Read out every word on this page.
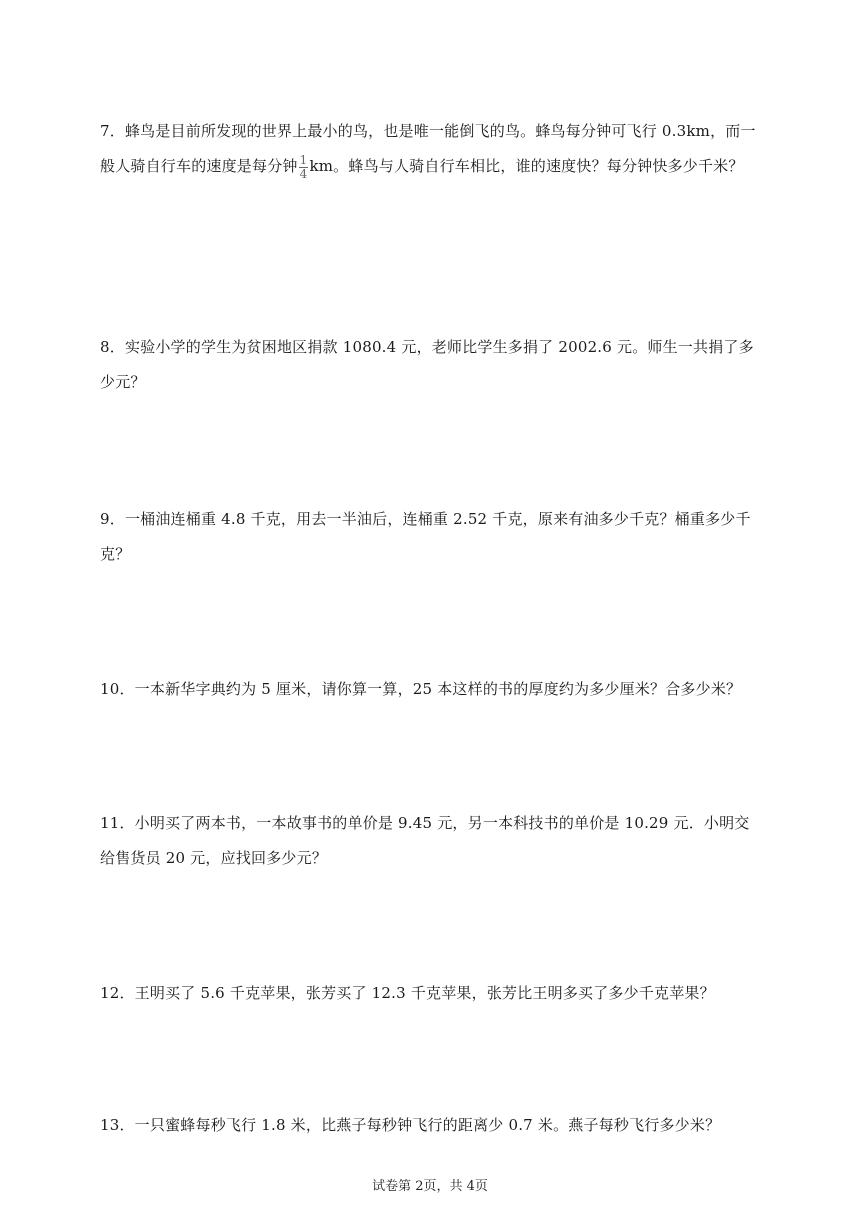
7．蜂鸟是目前所发现的世界上最小的鸟，也是唯一能倒飞的鸟。蜂鸟每分钟可飞行 0.3km，而一般人骑自行车的速度是每分钟 $\frac{1}{4}$ km。蜂鸟与人骑自行车相比，谁的速度快？每分钟快多少千米？

8．实验小学的学生为贫困地区捐款 1080.4 元，老师比学生多捐了 2002.6 元。师生一共捐了多少元？

9．一桶油连桶重 4.8 千克，用去一半油后，连桶重 2.52 千克，原来有油多少千克？桶重多少千克？

10．一本新华字典约为 5 厘米，请你算一算，25 本这样的书的厚度约为多少厘米？合多少米？

11．小明买了两本书，一本故事书的单价是 9.45 元，另一本科技书的单价是 10.29 元．小明交给售货员 20 元，应找回多少元？

12．王明买了 5.6 千克苹果，张芳买了 12.3 千克苹果，张芳比王明多买了多少千克苹果？

13．一只蜜蜂每秒飞行 1.8 米，比燕子每秒钟飞行的距离少 0.7 米。燕子每秒飞行多少米？

试卷第 2页，共 4页
